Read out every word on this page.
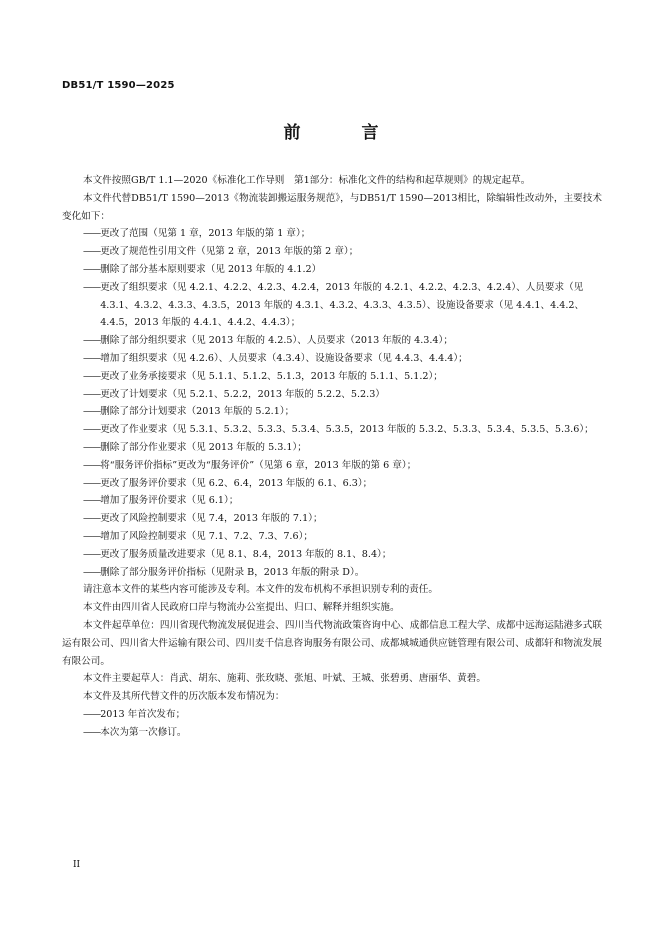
DB51/T 1590—2025
前　言
本文件按照GB/T 1.1—2020《标准化工作导则　第1部分：标准化文件的结构和起草规则》的规定起草。
本文件代替DB51/T 1590—2013《物流装卸搬运服务规范》，与DB51/T 1590—2013相比，除编辑性改动外，主要技术变化如下：
—— 更改了范围（见第 1 章，2013 年版的第 1 章）；
—— 更改了规范性引用文件（见第 2 章，2013 年版的第 2 章）；
—— 删除了部分基本原则要求（见 2013 年版的 4.1.2）
—— 更改了组织要求（见 4.2.1、4.2.2、4.2.3、4.2.4，2013 年版的 4.2.1、4.2.2、4.2.3、4.2.4）、人员要求（见 4.3.1、4.3.2、4.3.3、4.3.5，2013 年版的 4.3.1、4.3.2、4.3.3、4.3.5）、设施设备要求（见 4.4.1、4.4.2、4.4.5，2013 年版的 4.4.1、4.4.2、4.4.3）；
—— 删除了部分组织要求（见 2013 年版的 4.2.5）、人员要求（2013 年版的 4.3.4）；
—— 增加了组织要求（见 4.2.6）、人员要求（4.3.4）、设施设备要求（见 4.4.3、4.4.4）；
—— 更改了业务承接要求（见 5.1.1、5.1.2、5.1.3，2013 年版的 5.1.1、5.1.2）；
—— 更改了计划要求（见 5.2.1、5.2.2，2013 年版的 5.2.2、5.2.3）
—— 删除了部分计划要求（2013 年版的 5.2.1）；
—— 更改了作业要求（见 5.3.1、5.3.2、5.3.3、5.3.4、5.3.5，2013 年版的 5.3.2、5.3.3、5.3.4、5.3.5、5.3.6）；
—— 删除了部分作业要求（见 2013 年版的 5.3.1）；
—— 将“服务评价指标”更改为“服务评价”（见第 6 章，2013 年版的第 6 章）；
—— 更改了服务评价要求（见 6.2、6.4，2013 年版的 6.1、6.3）；
—— 增加了服务评价要求（见 6.1）；
—— 更改了风险控制要求（见 7.4，2013 年版的 7.1）；
—— 增加了风险控制要求（见 7.1、7.2、7.3、7.6）；
—— 更改了服务质量改进要求（见 8.1、8.4，2013 年版的 8.1、8.4）；
—— 删除了部分服务评价指标（见附录 B，2013 年版的附录 D）。
请注意本文件的某些内容可能涉及专利。本文件的发布机构不承担识别专利的责任。
本文件由四川省人民政府口岸与物流办公室提出、归口、解释并组织实施。
本文件起草单位：四川省现代物流发展促进会、四川当代物流政策咨询中心、成都信息工程大学、成都中远海运陆港多式联运有限公司、四川省大件运输有限公司、四川麦千信息咨询服务有限公司、成都城城通供应链管理有限公司、成都轩和物流发展有限公司。
本文件主要起草人：肖武、胡东、施莉、张玫晓、张旭、叶斌、王城、张碧勇、唐丽华、黄碧。
本文件及其所代替文件的历次版本发布情况为：
—— 2013 年首次发布；
—— 本次为第一次修订。
II
